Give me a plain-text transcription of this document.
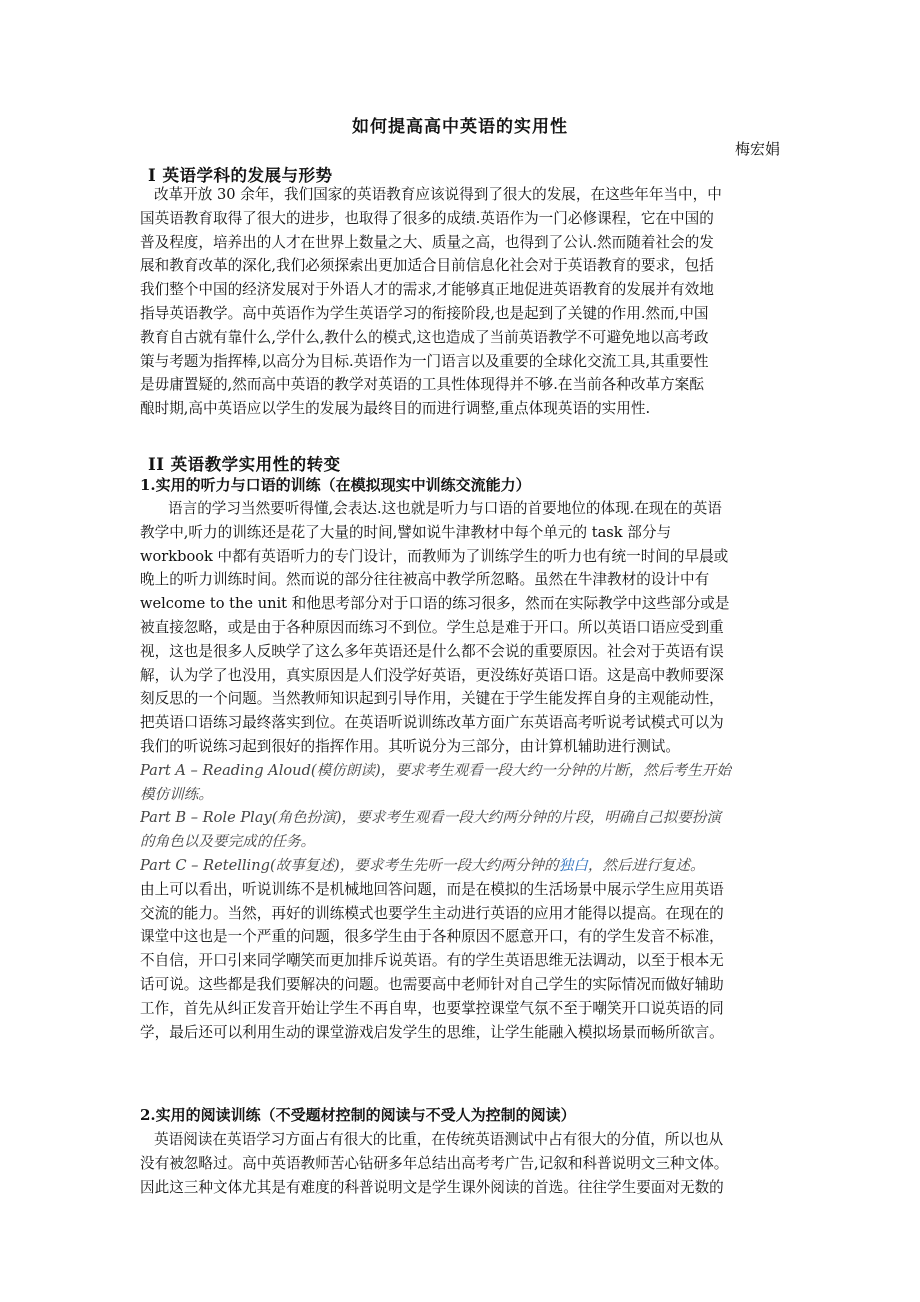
如何提高高中英语的实用性
梅宏娟
I 英语学科的发展与形势
改革开放 30 余年，我们国家的英语教育应该说得到了很大的发展，在这些年年当中，中
国英语教育取得了很大的进步，也取得了很多的成绩.英语作为一门必修课程，它在中国的
普及程度，培养出的人才在世界上数量之大、质量之高，也得到了公认.然而随着社会的发
展和教育改革的深化,我们必须探索出更加适合目前信息化社会对于英语教育的要求，包括
我们整个中国的经济发展对于外语人才的需求,才能够真正地促进英语教育的发展并有效地
指导英语教学。高中英语作为学生英语学习的衔接阶段,也是起到了关键的作用.然而,中国
教育自古就有靠什么,学什么,教什么的模式,这也造成了当前英语教学不可避免地以高考政
策与考题为指挥棒,以高分为目标.英语作为一门语言以及重要的全球化交流工具,其重要性
是毋庸置疑的,然而高中英语的教学对英语的工具性体现得并不够.在当前各种改革方案酝
酿时期,高中英语应以学生的发展为最终目的而进行调整,重点体现英语的实用性.
II 英语教学实用性的转变
1.实用的听力与口语的训练（在模拟现实中训练交流能力）
语言的学习当然要听得懂,会表达.这也就是听力与口语的首要地位的体现.在现在的英语
教学中,听力的训练还是花了大量的时间,譬如说牛津教材中每个单元的 task 部分与
workbook 中都有英语听力的专门设计，而教师为了训练学生的听力也有统一时间的早晨或
晚上的听力训练时间。然而说的部分往往被高中教学所忽略。虽然在牛津教材的设计中有
welcome to the unit 和他思考部分对于口语的练习很多，然而在实际教学中这些部分或是
被直接忽略，或是由于各种原因而练习不到位。学生总是难于开口。所以英语口语应受到重
视，这也是很多人反映学了这么多年英语还是什么都不会说的重要原因。社会对于英语有误
解，认为学了也没用，真实原因是人们没学好英语，更没练好英语口语。这是高中教师要深
刻反思的一个问题。当然教师知识起到引导作用，关键在于学生能发挥自身的主观能动性，
把英语口语练习最终落实到位。在英语听说训练改革方面广东英语高考听说考试模式可以为
我们的听说练习起到很好的指挥作用。其听说分为三部分，由计算机辅助进行测试。
Part A – Reading Aloud(模仿朗读)，要求考生观看一段大约一分钟的片断，然后考生开始
模仿训练。
Part B – Role Play(角色扮演)，要求考生观看一段大约两分钟的片段，明确自己拟要扮演
的角色以及要完成的任务。
Part C – Retelling(故事复述)，要求考生先听一段大约两分钟的独白，然后进行复述。
由上可以看出，听说训练不是机械地回答问题，而是在模拟的生活场景中展示学生应用英语
交流的能力。当然，再好的训练模式也要学生主动进行英语的应用才能得以提高。在现在的
课堂中这也是一个严重的问题，很多学生由于各种原因不愿意开口，有的学生发音不标准，
不自信，开口引来同学嘲笑而更加排斥说英语。有的学生英语思维无法调动，以至于根本无
话可说。这些都是我们要解决的问题。也需要高中老师针对自己学生的实际情况而做好辅助
工作，首先从纠正发音开始让学生不再自卑，也要掌控课堂气氛不至于嘲笑开口说英语的同
学，最后还可以利用生动的课堂游戏启发学生的思维，让学生能融入模拟场景而畅所欲言。
2.实用的阅读训练（不受题材控制的阅读与不受人为控制的阅读）
英语阅读在英语学习方面占有很大的比重，在传统英语测试中占有很大的分值，所以也从
没有被忽略过。高中英语教师苦心钻研多年总结出高考考广告,记叙和科普说明文三种文体。
因此这三种文体尤其是有难度的科普说明文是学生课外阅读的首选。往往学生要面对无数的
